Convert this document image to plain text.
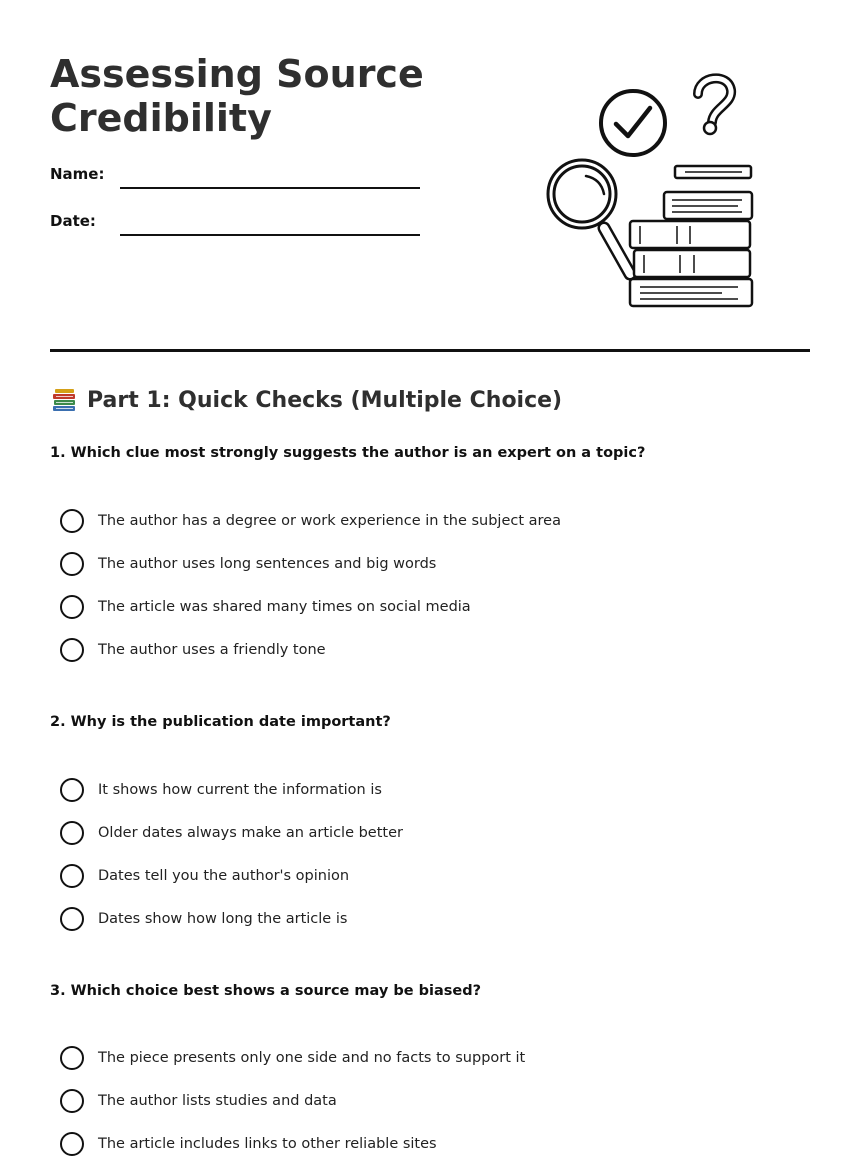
Assessing Source Credibility
Name:
Date:
Part 1: Quick Checks (Multiple Choice)
1. Which clue most strongly suggests the author is an expert on a topic?
The author has a degree or work experience in the subject area
The author uses long sentences and big words
The article was shared many times on social media
The author uses a friendly tone
2. Why is the publication date important?
It shows how current the information is
Older dates always make an article better
Dates tell you the author's opinion
Dates show how long the article is
3. Which choice best shows a source may be biased?
The piece presents only one side and no facts to support it
The author lists studies and data
The article includes links to other reliable sites
